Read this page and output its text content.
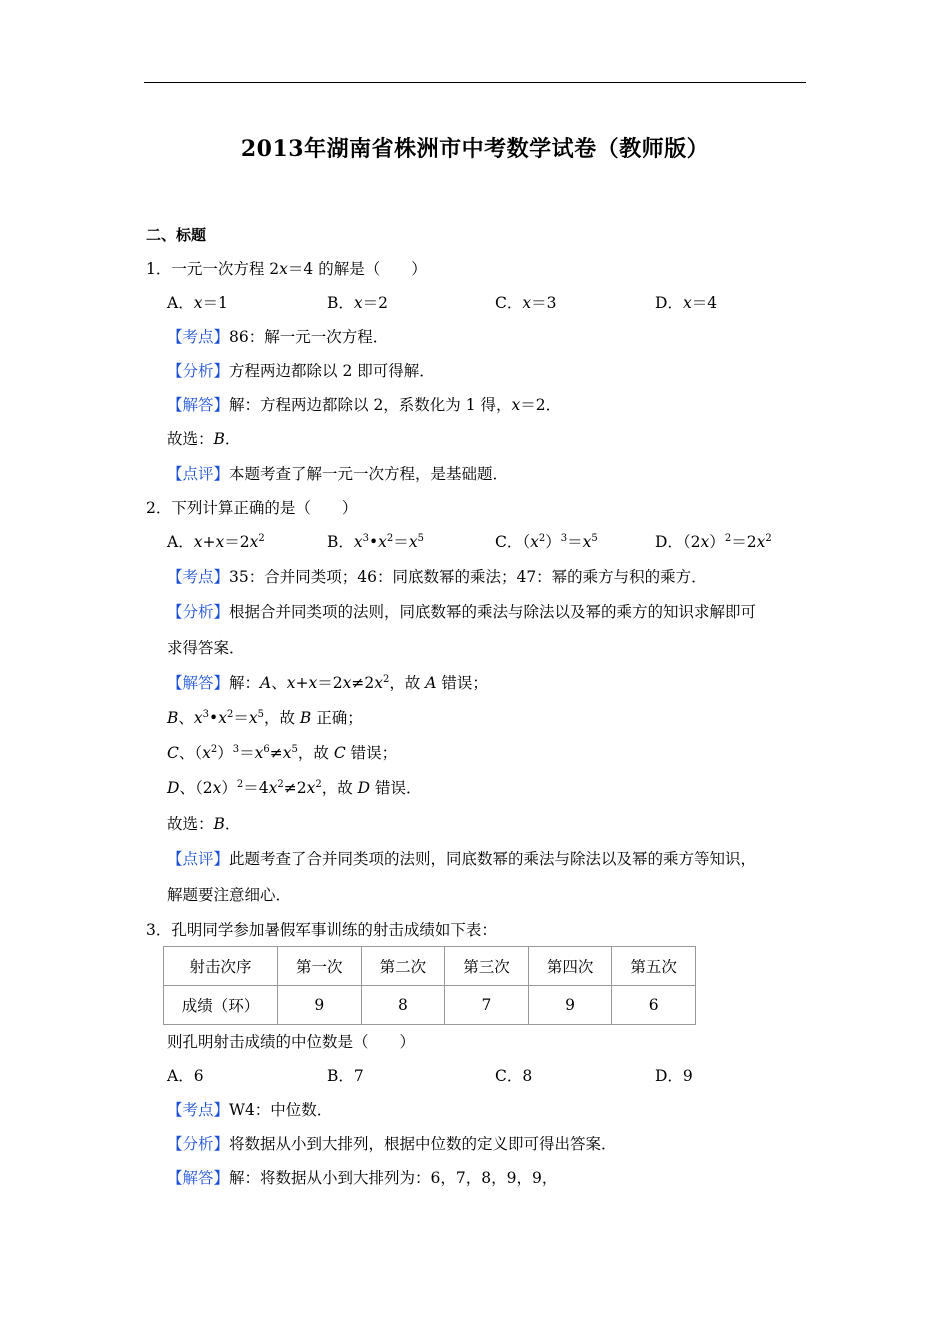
2013年湖南省株洲市中考数学试卷（教师版）
二、标题
1．一元一次方程 2x＝4 的解是（　　）
A．x＝1	B．x＝2	C．x＝3	D．x＝4
【考点】86：解一元一次方程．
【分析】方程两边都除以 2 即可得解．
【解答】解：方程两边都除以 2，系数化为 1 得，x＝2．
故选：B．
【点评】本题考查了解一元一次方程，是基础题．
2．下列计算正确的是（　　）
A．$x+x=2x^2$	B．$x^3•x^2=x^5$	C．$(x^2)^3=x^5$	D．$(2x)^2=2x^2$
【考点】35：合并同类项；46：同底数幂的乘法；47：幂的乘方与积的乘方．
【分析】根据合并同类项的法则，同底数幂的乘法与除法以及幂的乘方的知识求解即可
求得答案．
【解答】解：A、$x+x=2x\ne 2x^2$，故 A 错误；
B、$x^3•x^2=x^5$，故 B 正确；
C、$(x^2)^3=x^6\ne x^5$，故 C 错误；
D、$(2x)^2=4x^2\ne 2x^2$，故 D 错误．
故选：B．
【点评】此题考查了合并同类项的法则，同底数幂的乘法与除法以及幂的乘方等知识，
解题要注意细心．
3．孔明同学参加暑假军事训练的射击成绩如下表：
射击次序	第一次	第二次	第三次	第四次	第五次
成绩（环）	9	8	7	9	6
则孔明射击成绩的中位数是（　　）
A．6	B．7	C．8	D．9
【考点】W4：中位数．
【分析】将数据从小到大排列，根据中位数的定义即可得出答案．
【解答】解：将数据从小到大排列为：6，7，8，9，9，
